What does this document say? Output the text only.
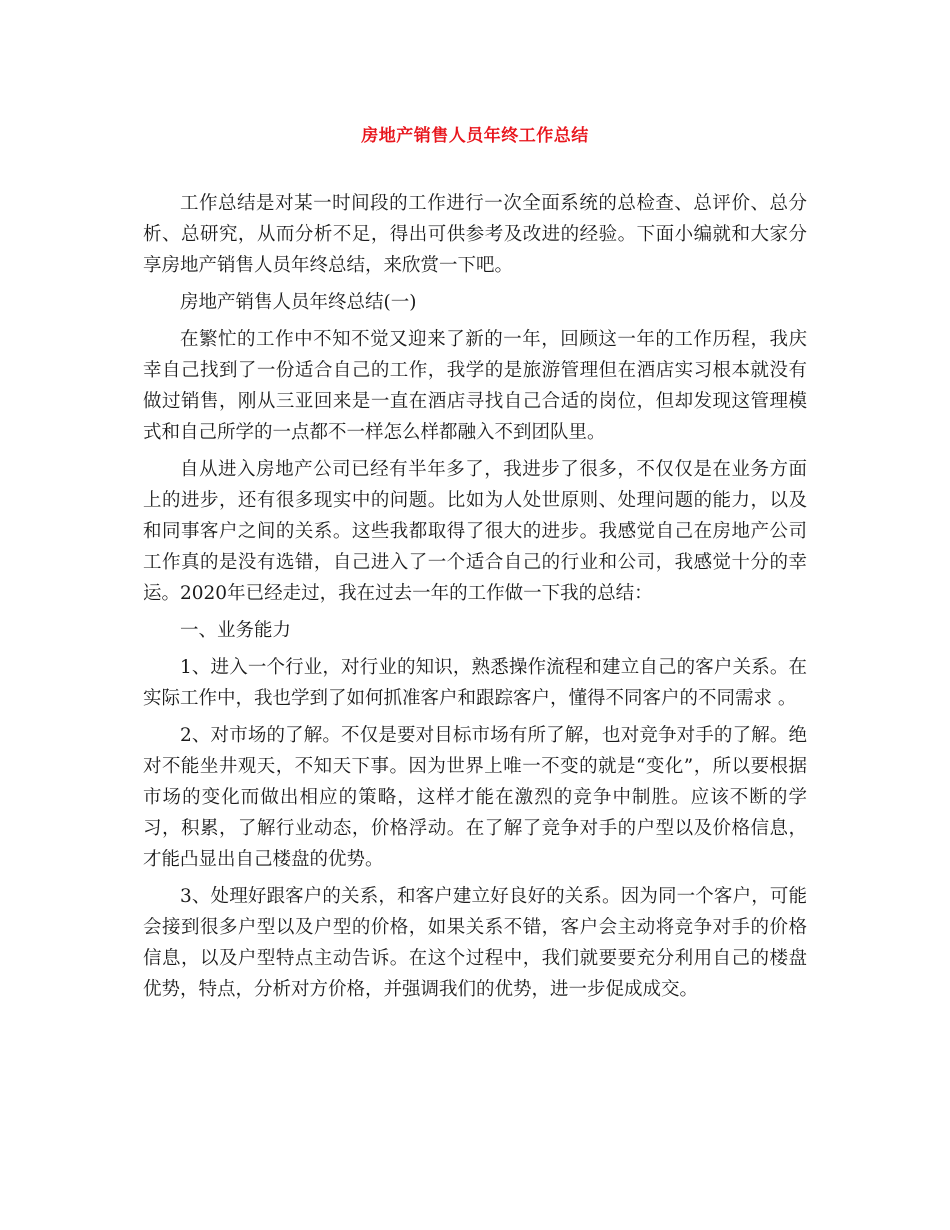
房地产销售人员年终工作总结

工作总结是对某一时间段的工作进行一次全面系统的总检查、总评价、总分析、总研究，从而分析不足，得出可供参考及改进的经验。下面小编就和大家分享房地产销售人员年终总结，来欣赏一下吧。

房地产销售人员年终总结(一)

在繁忙的工作中不知不觉又迎来了新的一年，回顾这一年的工作历程，我庆幸自己找到了一份适合自己的工作，我学的是旅游管理但在酒店实习根本就没有做过销售，刚从三亚回来是一直在酒店寻找自己合适的岗位，但却发现这管理模式和自己所学的一点都不一样怎么样都融入不到团队里。

自从进入房地产公司已经有半年多了，我进步了很多，不仅仅是在业务方面上的进步，还有很多现实中的问题。比如为人处世原则、处理问题的能力，以及和同事客户之间的关系。这些我都取得了很大的进步。我感觉自己在房地产公司工作真的是没有选错，自己进入了一个适合自己的行业和公司，我感觉十分的幸运。2020年已经走过，我在过去一年的工作做一下我的总结：

一、业务能力

1、进入一个行业，对行业的知识，熟悉操作流程和建立自己的客户关系。在实际工作中，我也学到了如何抓准客户和跟踪客户，懂得不同客户的不同需求 。

2、对市场的了解。不仅是要对目标市场有所了解，也对竞争对手的了解。绝对不能坐井观天，不知天下事。因为世界上唯一不变的就是“变化”，所以要根据市场的变化而做出相应的策略，这样才能在激烈的竞争中制胜。应该不断的学习，积累，了解行业动态，价格浮动。在了解了竞争对手的户型以及价格信息，才能凸显出自己楼盘的优势。

3、处理好跟客户的关系，和客户建立好良好的关系。因为同一个客户，可能会接到很多户型以及户型的价格，如果关系不错，客户会主动将竞争对手的价格信息，以及户型特点主动告诉。在这个过程中，我们就要要充分利用自己的楼盘优势，特点，分析对方价格，并强调我们的优势，进一步促成成交。
